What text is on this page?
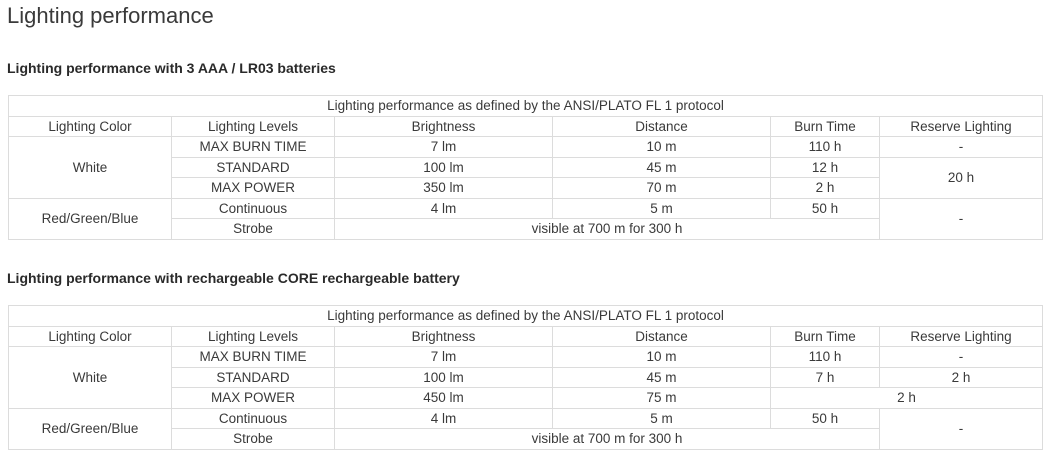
Lighting performance
Lighting performance with 3 AAA / LR03 batteries
Lighting performance as defined by the ANSI/PLATO FL 1 protocol					
Lighting Color	Lighting Levels	Brightness	Distance	Burn Time	Reserve Lighting
White	MAX BURN TIME	7 lm	10 m	110 h	-
	STANDARD	100 lm	45 m	12 h	20 h
	MAX POWER	350 lm	70 m	2 h	
Red/Green/Blue	Continuous	4 lm	5 m	50 h	-
	Strobe	visible at 700 m for 300 h			
Lighting performance with rechargeable CORE rechargeable battery
Lighting performance as defined by the ANSI/PLATO FL 1 protocol					
Lighting Color	Lighting Levels	Brightness	Distance	Burn Time	Reserve Lighting
White	MAX BURN TIME	7 lm	10 m	110 h	-
	STANDARD	100 lm	45 m	7 h	2 h
	MAX POWER	450 lm	75 m	2 h	
Red/Green/Blue	Continuous	4 lm	5 m	50 h	-
	Strobe	visible at 700 m for 300 h			
